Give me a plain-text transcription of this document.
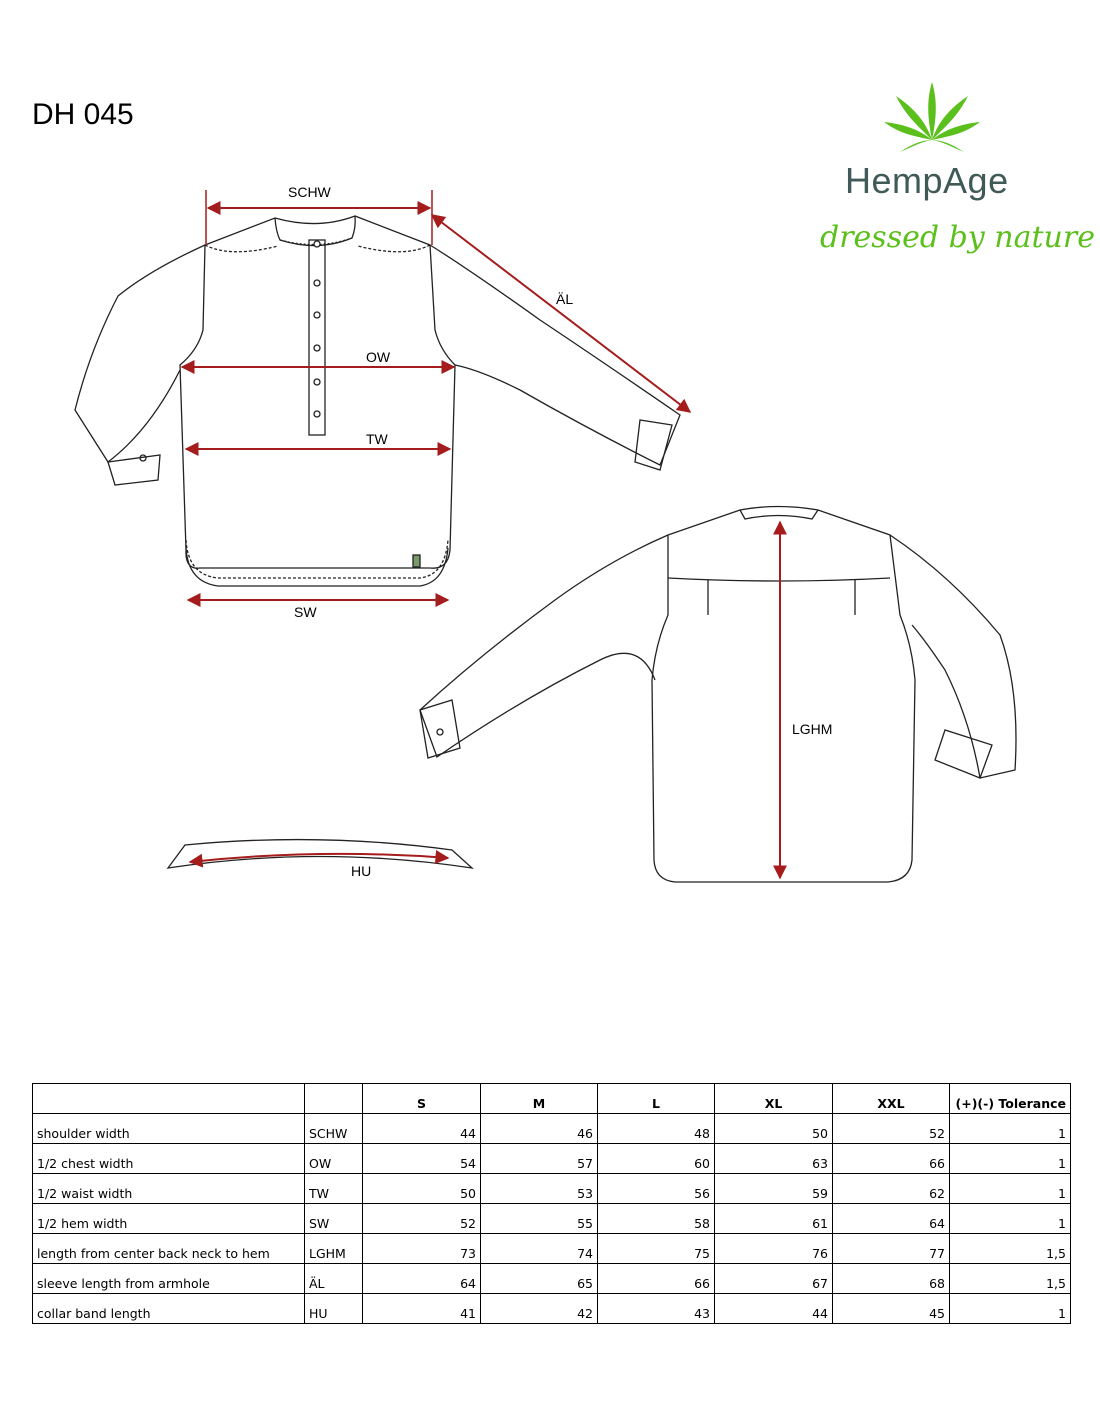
DH 045
HempAge
dressed by nature
SCHW
ÄL
OW
TW
SW
LGHM
HU
		S	M	L	XL	XXL	(+)(-) Tolerance
shoulder width	SCHW	44	46	48	50	52	1
1/2 chest width	OW	54	57	60	63	66	1
1/2 waist width	TW	50	53	56	59	62	1
1/2 hem width	SW	52	55	58	61	64	1
length from center back neck to hem	LGHM	73	74	75	76	77	1,5
sleeve length from armhole	ÄL	64	65	66	67	68	1,5
collar band length	HU	41	42	43	44	45	1
